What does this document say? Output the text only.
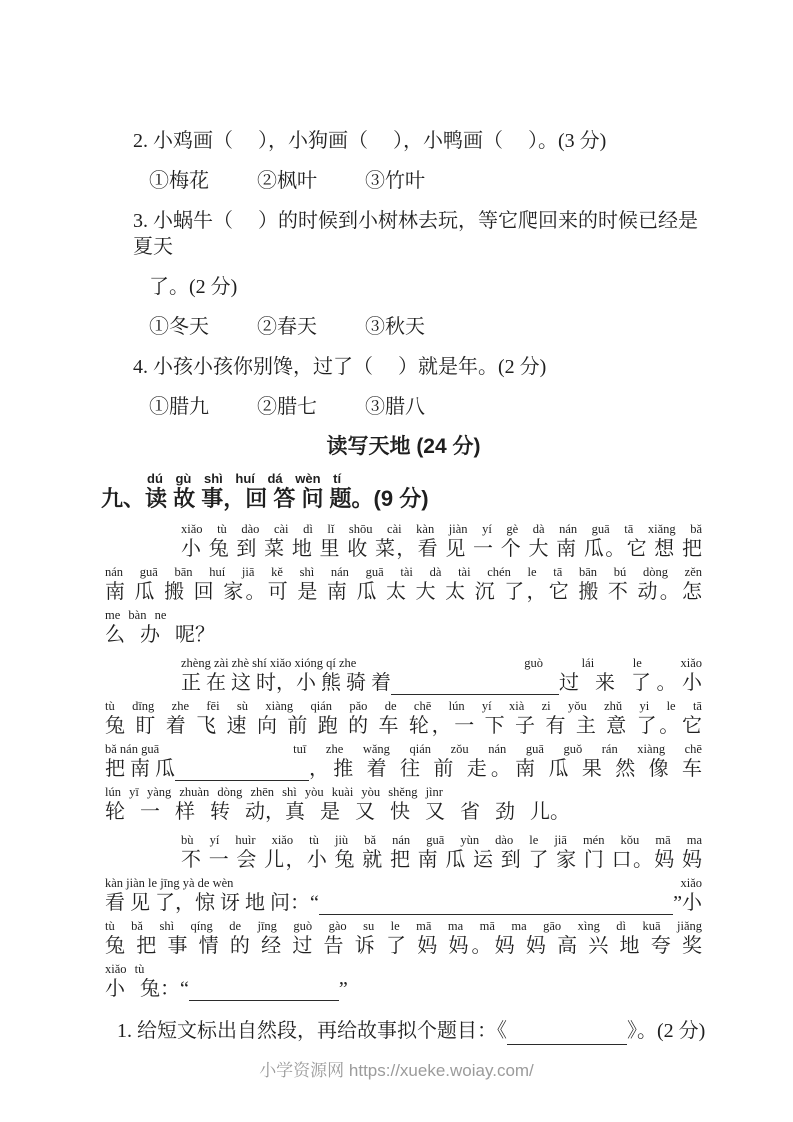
2. 小鸡画（     ），小狗画（     ），小鸭画（     ）。(3 分)
①梅花 ②枫叶 ③竹叶
3. 小蜗牛（     ）的时候到小树林去玩，等它爬回来的时候已经是夏天
了。(2 分)
①冬天 ②春天 ③秋天
4. 小孩小孩你别馋，过了（     ）就是年。(2 分)
①腊九 ②腊七 ③腊八
读写天地 (24 分)
dú gù shì huí dá wèn tí
九、读 故 事，回 答 问 题。(9 分)
xiǎo tù dào cài dì lǐ shōu cài kàn jiàn yí gè dà nán guā tā xiǎng bǎ
小 兔 到 菜 地 里 收 菜，看 见 一 个 大 南 瓜。它 想 把
nán guā bān huí jiā kě shì nán guā tài dà tài chén le tā bān bú dòng zěn
南 瓜 搬 回 家。可 是 南 瓜 太 大 太 沉 了，它 搬 不 动。怎
me bàn ne
么 办 呢？
zhèng zài zhè shí xiǎo xióng qí zhe	guò lái le xiǎo
正 在 这 时，小 熊 骑 着	过 来 了。小
tù dīng zhe fēi sù xiàng qián pǎo de chē lún yí xià zi yǒu zhǔ yi le tā
兔 盯 着 飞 速 向 前 跑 的 车 轮，一 下 子 有 主 意 了。它
bǎ nán guā	tuī zhe wǎng qián zǒu nán guā guǒ rán xiàng chē
把 南 瓜	，推 着 往 前 走。南 瓜 果 然 像 车
lún yī yàng zhuàn dòng zhēn shì yòu kuài yòu shěng jìnr
轮 一 样 转 动，真 是 又 快 又 省 劲 儿。
bù yí huìr xiǎo tù jiù bǎ nán guā yùn dào le jiā mén kǒu mā ma
不 一 会 儿，小 兔 就 把 南 瓜 运 到 了 家 门 口。妈 妈
kàn jiàn le jīng yà de wèn	xiǎo
看 见 了，惊 讶 地 问：“	”小
tù bǎ shì qíng de jīng guò gào su le mā ma mā ma gāo xìng dì kuā jiǎng
兔 把 事 情 的 经 过 告 诉 了 妈 妈。妈 妈 高 兴 地 夸 奖
xiǎo tù
小 兔：“	”
1. 给短文标出自然段，再给故事拟个题目：《	》。(2 分)
小学资源网 https://xueke.woiay.com/
